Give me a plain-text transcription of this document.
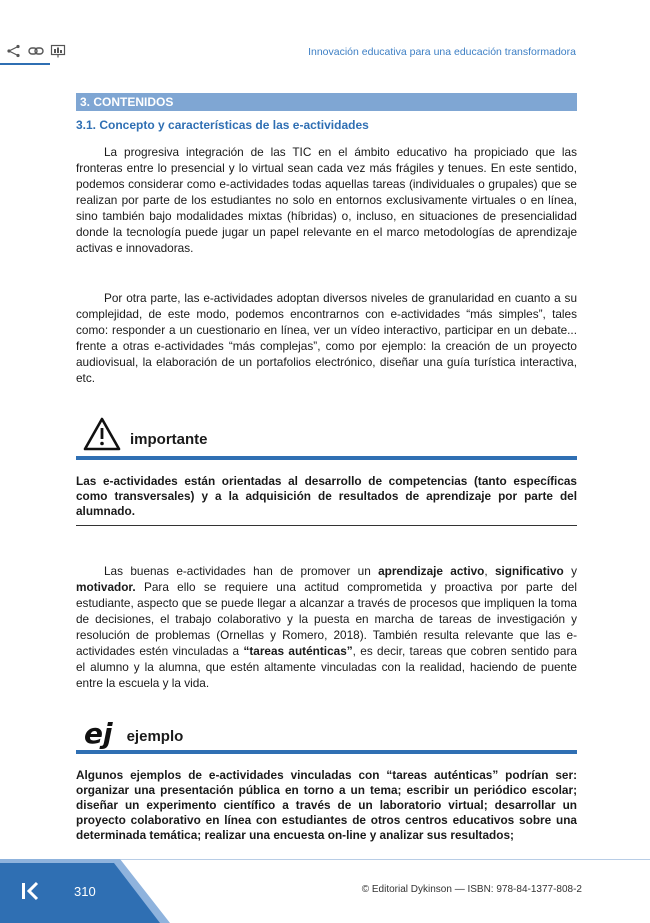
Innovación educativa para una educación transformadora
3. CONTENIDOS
3.1. Concepto y características de las e-actividades

La progresiva integración de las TIC en el ámbito educativo ha propiciado que las fronteras entre lo presencial y lo virtual sean cada vez más frágiles y tenues. En este sentido, podemos considerar como e-actividades todas aquellas tareas (individuales o grupales) que se realizan por parte de los estudiantes no solo en entornos exclusivamente virtuales o en línea, sino también bajo modalidades mixtas (híbridas) o, incluso, en situaciones de presencialidad donde la tecnología puede jugar un papel relevante en el marco metodologías de aprendizaje activas e innovadoras.

Por otra parte, las e-actividades adoptan diversos niveles de granularidad en cuanto a su complejidad, de este modo, podemos encontrarnos con e-actividades “más simples”, tales como: responder a un cuestionario en línea, ver un vídeo interactivo, participar en un debate... frente a otras e-actividades “más complejas”, como por ejemplo: la creación de un proyecto audiovisual, la elaboración de un portafolios electrónico, diseñar una guía turística interactiva, etc.

importante

Las e-actividades están orientadas al desarrollo de competencias (tanto específicas como transversales) y a la adquisición de resultados de aprendizaje por parte del alumnado.

Las buenas e-actividades han de promover un aprendizaje activo, significativo y motivador. Para ello se requiere una actitud comprometida y proactiva por parte del estudiante, aspecto que se puede llegar a alcanzar a través de procesos que impliquen la toma de decisiones, el trabajo colaborativo y la puesta en marcha de tareas de investigación y resolución de problemas (Ornellas y Romero, 2018). También resulta relevante que las e-actividades estén vinculadas a “tareas auténticas”, es decir, tareas que cobren sentido para el alumno y la alumna, que estén altamente vinculadas con la realidad, haciendo de puente entre la escuela y la vida.

ej ejemplo

Algunos ejemplos de e-actividades vinculadas con “tareas auténticas” podrían ser: organizar una presentación pública en torno a un tema; escribir un periódico escolar; diseñar un experimento científico a través de un laboratorio virtual; desarrollar un proyecto colaborativo en línea con estudiantes de otros centros educativos sobre una determinada temática; realizar una encuesta on-line y analizar sus resultados;

310	© Editorial Dykinson — ISBN: 978-84-1377-808-2
